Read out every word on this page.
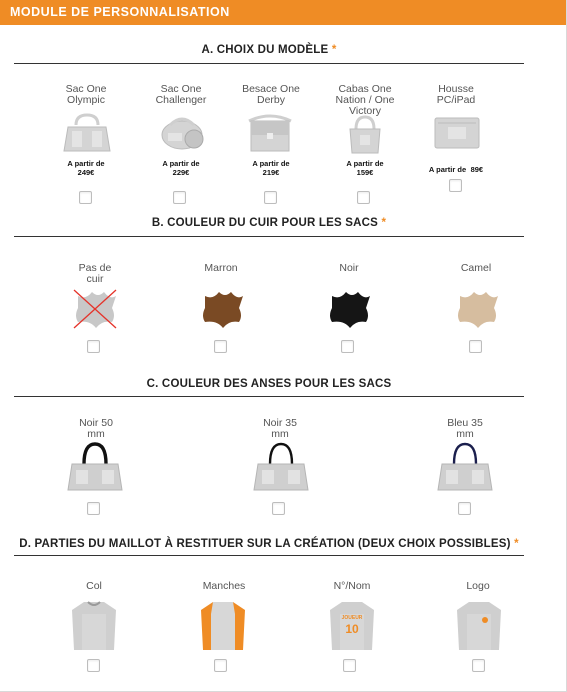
MODULE DE PERSONNALISATION
A. CHOIX DU MODÈLE *
Sac One Olympic
A partir de
249€
Sac One Challenger
A partir de
229€
Besace One Derby
A partir de
219€
Cabas One Nation / One Victory
A partir de
159€
Housse PC/iPad
A partir de 89€
B. COULEUR DU CUIR POUR LES SACS *
Pas de cuir
Marron	Noir	Camel
C. COULEUR DES ANSES POUR LES SACS
Noir 50 mm
Noir 35 mm
Bleu 35 mm
D. PARTIES DU MAILLOT À RESTITUER SUR LA CRÉATION (DEUX CHOIX POSSIBLES) *
Col	Manches	N°/Nom
JOUEUR
10
Logo
